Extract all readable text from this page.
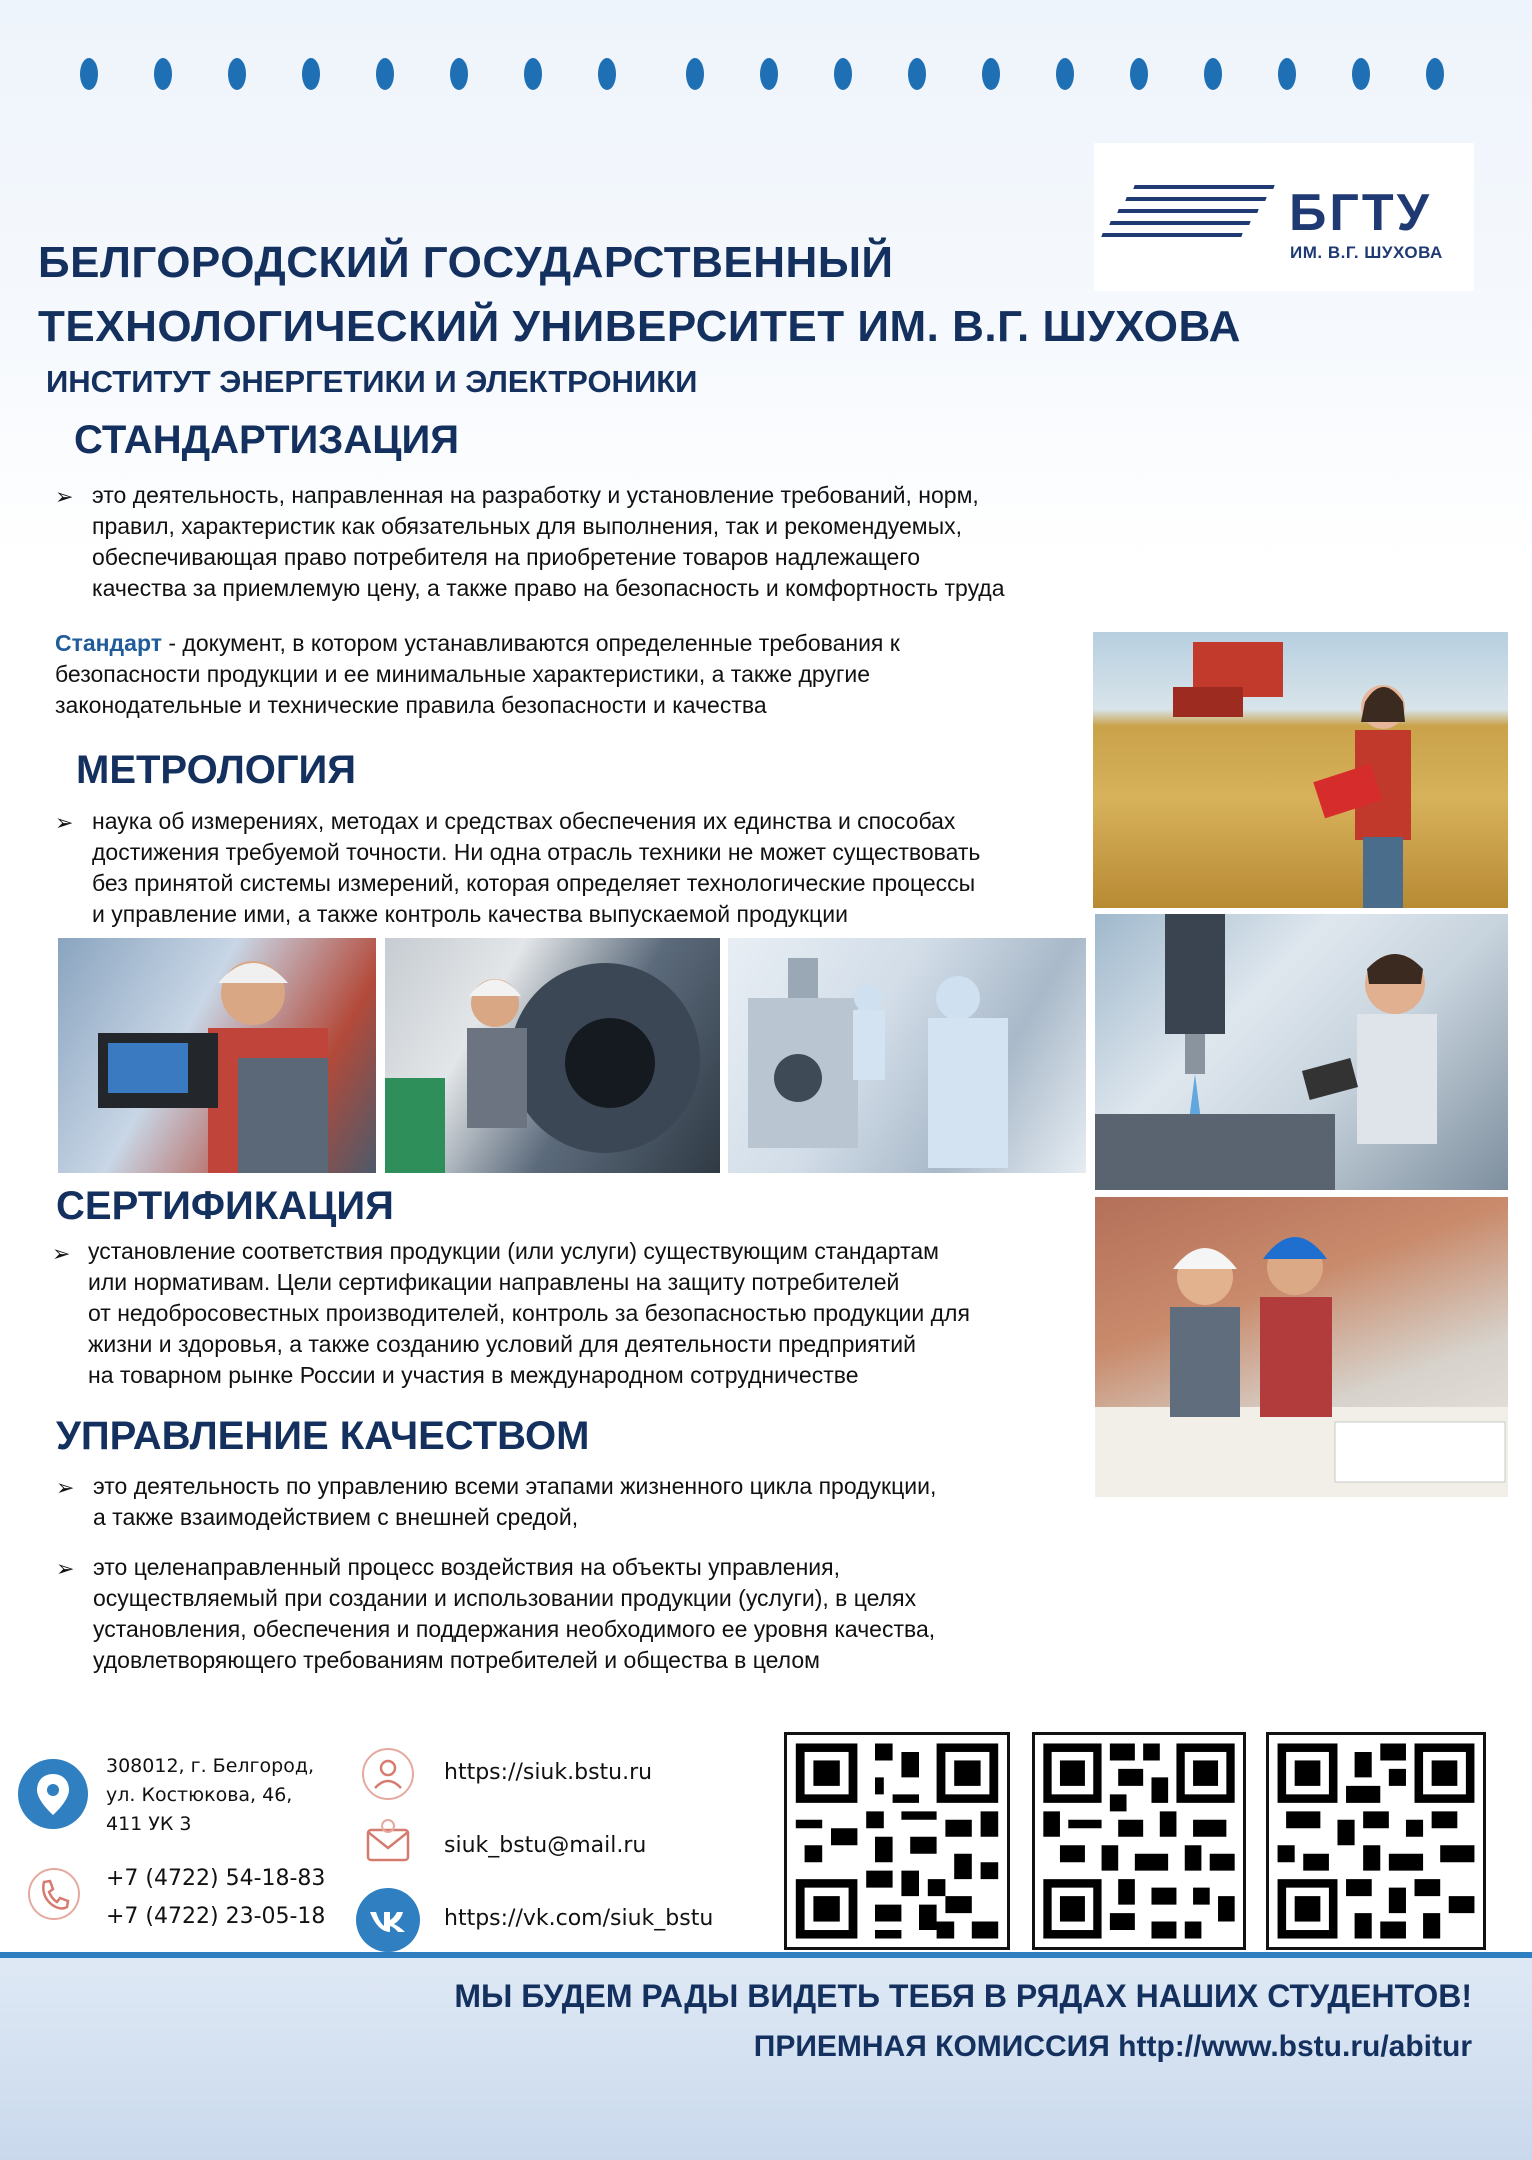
БГТУ
ИМ. В.Г. ШУХОВА
БЕЛГОРОДСКИЙ ГОСУДАРСТВЕННЫЙ
ТЕХНОЛОГИЧЕСКИЙ УНИВЕРСИТЕТ ИМ. В.Г. ШУХОВА
ИНСТИТУТ ЭНЕРГЕТИКИ И ЭЛЕКТРОНИКИ
СТАНДАРТИЗАЦИЯ
➢ это деятельность, направленная на разработку и установление требований, норм,
правил, характеристик как обязательных для выполнения, так и рекомендуемых,
обеспечивающая право потребителя на приобретение товаров надлежащего
качества за приемлемую цену, а также право на безопасность и комфортность труда
Стандарт - документ, в котором устанавливаются определенные требования к
безопасности продукции и ее минимальные характеристики, а также другие
законодательные и технические правила безопасности и качества
МЕТРОЛОГИЯ
➢ наука об измерениях, методах и средствах обеспечения их единства и способах
достижения требуемой точности. Ни одна отрасль техники не может существовать
без принятой системы измерений, которая определяет технологические процессы
и управление ими, а также контроль качества выпускаемой продукции
СЕРТИФИКАЦИЯ
➢ установление соответствия продукции (или услуги) существующим стандартам
или нормативам. Цели сертификации направлены на защиту потребителей
от недобросовестных производителей, контроль за безопасностью продукции для
жизни и здоровья, а также созданию условий для деятельности предприятий
на товарном рынке России и участия в международном сотрудничестве
УПРАВЛЕНИЕ КАЧЕСТВОМ
➢ это деятельность по управлению всеми этапами жизненного цикла продукции,
а также взаимодействием с внешней средой,
➢ это целенаправленный процесс воздействия на объекты управления,
осуществляемый при создании и использовании продукции (услуги), в целях
установления, обеспечения и поддержания необходимого ее уровня качества,
удовлетворяющего требованиям потребителей и общества в целом
308012, г. Белгород,
ул. Костюкова, 46,
411 УК 3
+7 (4722) 54-18-83
+7 (4722) 23-05-18
https://siuk.bstu.ru
siuk_bstu@mail.ru
https://vk.com/siuk_bstu
МЫ БУДЕМ РАДЫ ВИДЕТЬ ТЕБЯ В РЯДАХ НАШИХ СТУДЕНТОВ!
ПРИЕМНАЯ КОМИССИЯ http://www.bstu.ru/abitur
